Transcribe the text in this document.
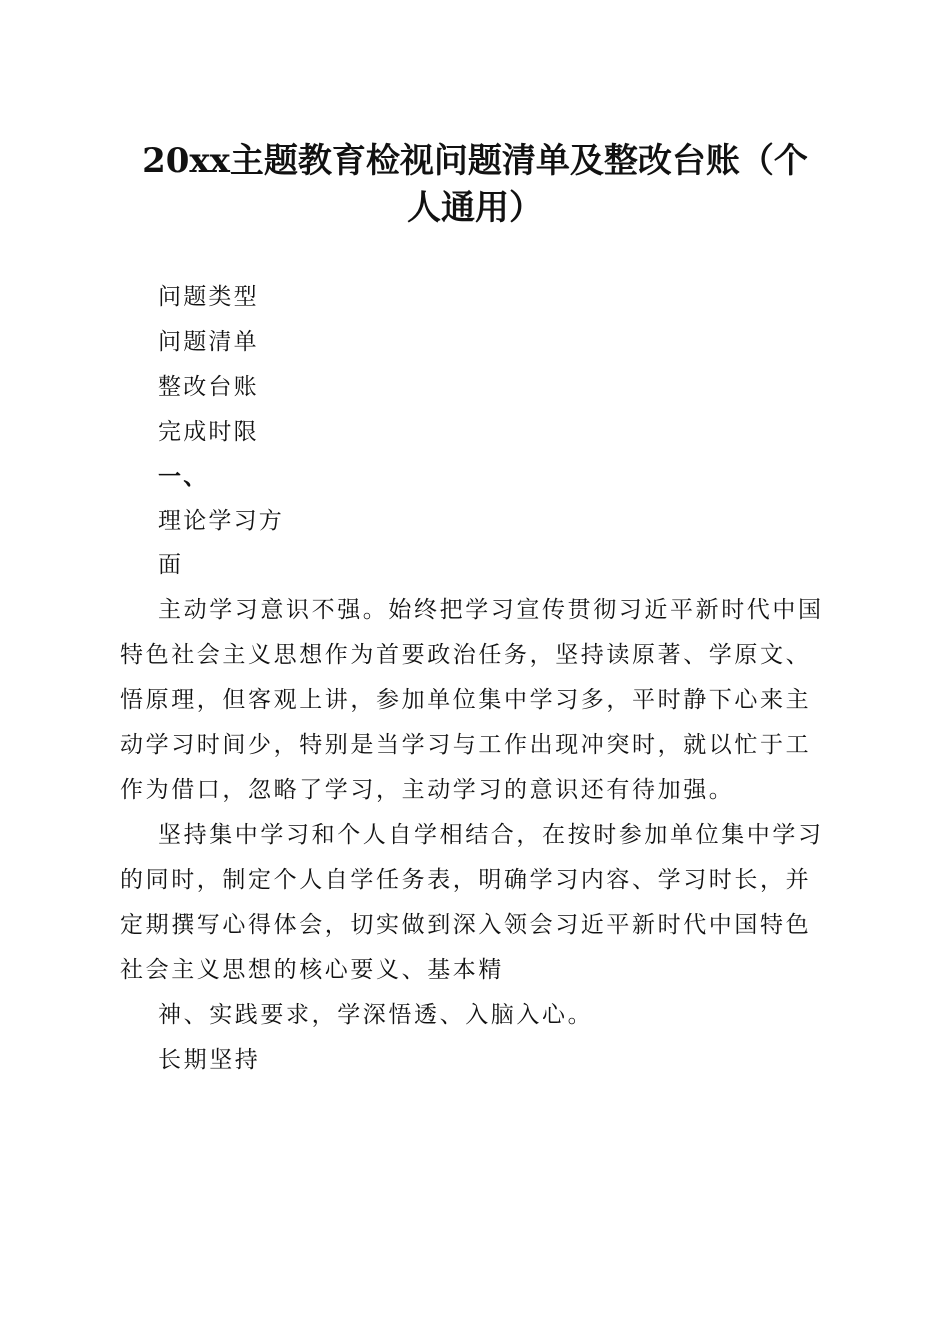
20xx主题教育检视问题清单及整改台账（个
人通用）
问题类型
问题清单
整改台账
完成时限
一、
理论学习方
面
主动学习意识不强。始终把学习宣传贯彻习近平新时代中国
特色社会主义思想作为首要政治任务，坚持读原著、学原文、
悟原理，但客观上讲，参加单位集中学习多，平时静下心来主
动学习时间少，特别是当学习与工作出现冲突时，就以忙于工
作为借口，忽略了学习，主动学习的意识还有待加强。
坚持集中学习和个人自学相结合，在按时参加单位集中学习
的同时，制定个人自学任务表，明确学习内容、学习时长，并
定期撰写心得体会，切实做到深入领会习近平新时代中国特色
社会主义思想的核心要义、基本精
神、实践要求，学深悟透、入脑入心。
长期坚持
